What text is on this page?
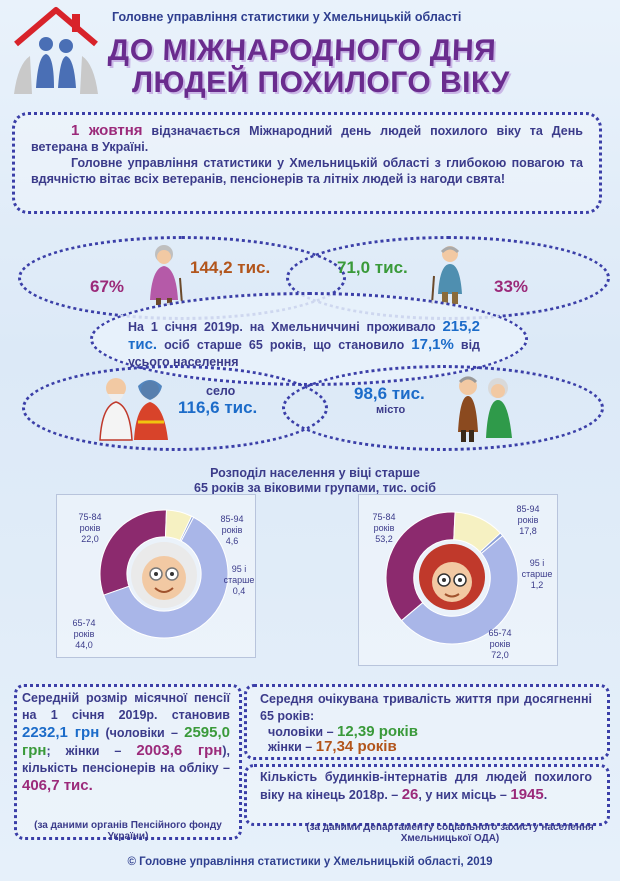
Головне управління статистики у Хмельницькій області
ДО МІЖНАРОДНОГО ДНЯ
ЛЮДЕЙ ПОХИЛОГО ВІКУ

1 жовтня відзначається Міжнародний день людей похилого віку та День ветерана в Україні.

Головне управління статистики у Хмельницькій області з глибокою повагою та вдячністю вітає всіх ветеранів, пенсіонерів та літніх людей із нагоди свята!

67%
144,2 тис.	71,0 тис.
33%
На 1 січня 2019р. на Хмельниччині проживало 215,2 тис. осіб старше 65 років, що становило 17,1% від усього населення
село
116,6 тис.
98,6 тис.
місто
Розподіл населення у віці старше
65 років за віковими групами, тис. осіб
75-84 років
22,0
85-94 років
4,6
95 і старше
0,4
65-74 років
44,0
75-84 років
53,2
85-94 років
17,8
95 і старше
1,2
65-74 років
72,0
Середній розмір місячної пенсії на 1 січня 2019р. становив 2232,1 грн (чоловіки – 2595,0 грн; жінки – 2003,6 грн), кількість пенсіонерів на обліку – 406,7 тис.
(за даними органів Пенсійного фонду України)
Середня очікувана тривалість життя при досягненні 65 років:
чоловіки – 12,39 років
жінки – 17,34 років
Кількість будинків-інтернатів для людей похилого віку на кінець 2018р. – 26, у них місць – 1945.
(за даними Департаменту соціального захисту населення Хмельницької ОДА)
© Головне управління статистики у Хмельницькій області, 2019
